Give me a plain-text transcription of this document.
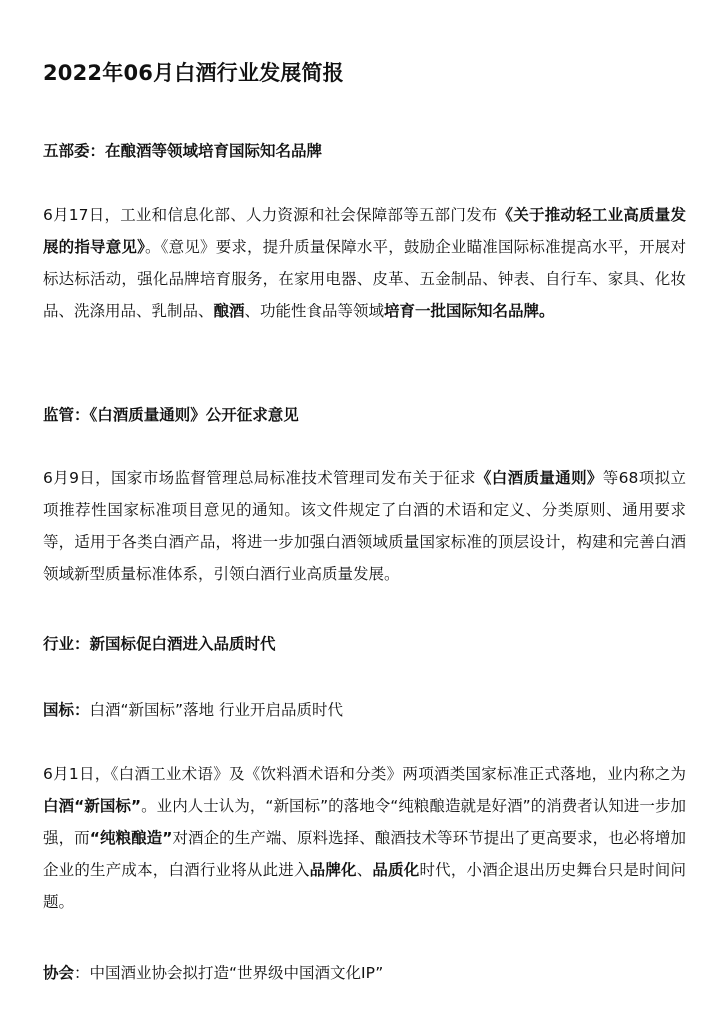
2022年06月白酒行业发展简报
五部委：在酿酒等领域培育国际知名品牌

6月17日，工业和信息化部、人力资源和社会保障部等五部门发布《关于推动轻工业高质量发展的指导意见》。《意见》要求，提升质量保障水平，鼓励企业瞄准国际标准提高水平，开展对标达标活动，强化品牌培育服务，在家用电器、皮革、五金制品、钟表、自行车、家具、化妆品、洗涤用品、乳制品、酿酒、功能性食品等领域培育一批国际知名品牌。

监管：《白酒质量通则》公开征求意见

6月9日，国家市场监督管理总局标准技术管理司发布关于征求《白酒质量通则》等68项拟立项推荐性国家标准项目意见的通知。该文件规定了白酒的术语和定义、分类原则、通用要求等，适用于各类白酒产品，将进一步加强白酒领域质量国家标准的顶层设计，构建和完善白酒领域新型质量标准体系，引领白酒行业高质量发展。

行业：新国标促白酒进入品质时代
国标：白酒“新国标”落地 行业开启品质时代

6月1日，《白酒工业术语》及《饮料酒术语和分类》两项酒类国家标准正式落地，业内称之为白酒“新国标”。业内人士认为，“新国标”的落地令“纯粮酿造就是好酒”的消费者认知进一步加强，而“纯粮酿造”对酒企的生产端、原料选择、酿酒技术等环节提出了更高要求，也必将增加企业的生产成本，白酒行业将从此进入品牌化、品质化时代，小酒企退出历史舞台只是时间问题。

协会：中国酒业协会拟打造“世界级中国酒文化IP”
